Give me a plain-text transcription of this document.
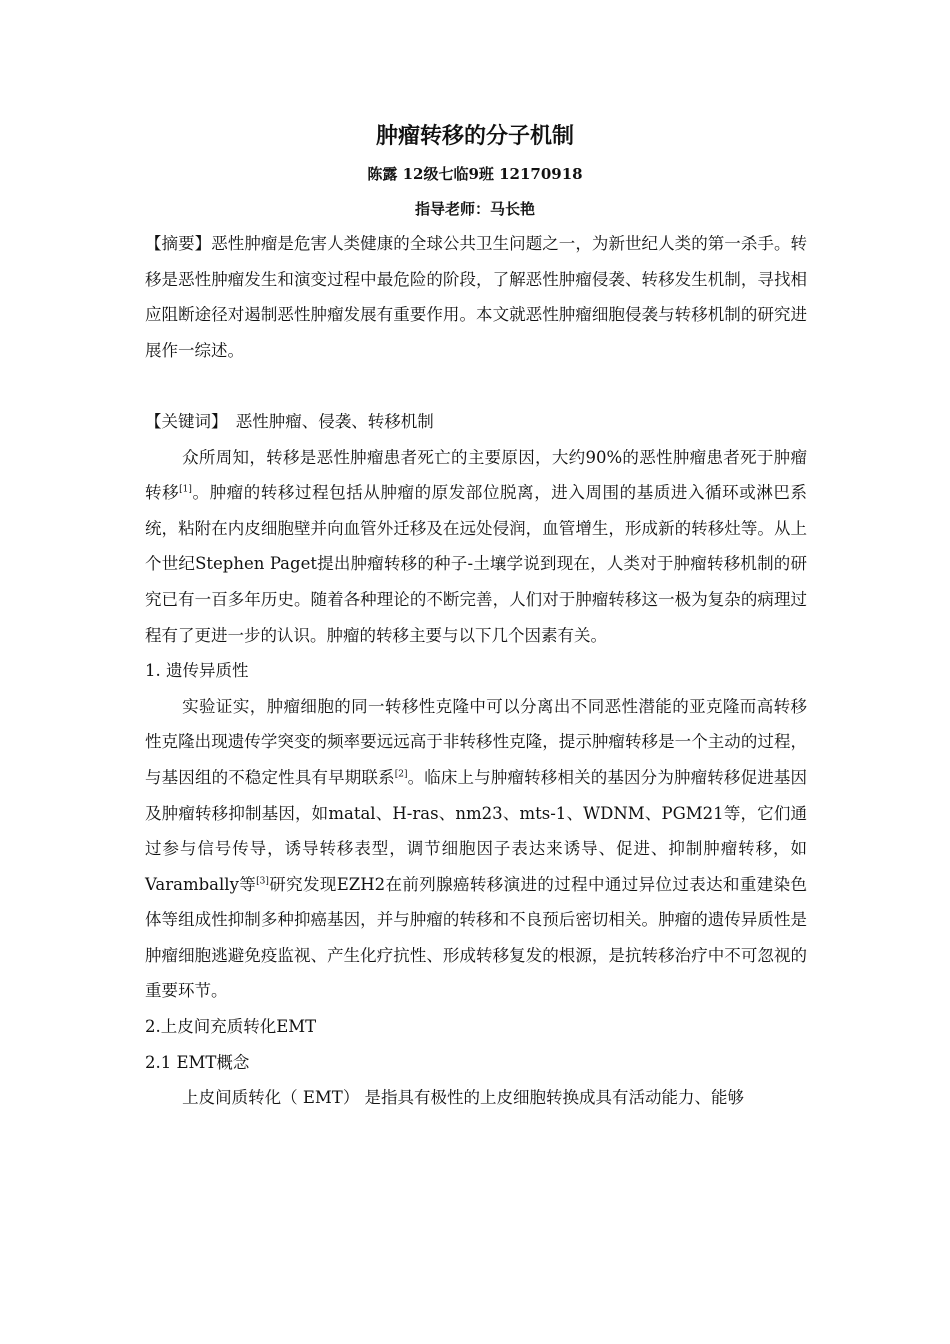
肿瘤转移的分子机制
陈露 12级七临9班 12170918
指导老师：马长艳

【摘要】恶性肿瘤是危害人类健康的全球公共卫生问题之一，为新世纪人类的第一杀手。转移是恶性肿瘤发生和演变过程中最危险的阶段，了解恶性肿瘤侵袭、转移发生机制，寻找相应阻断途径对遏制恶性肿瘤发展有重要作用。本文就恶性肿瘤细胞侵袭与转移机制的研究进展作一综述。

【关键词】 恶性肿瘤、侵袭、转移机制

众所周知，转移是恶性肿瘤患者死亡的主要原因，大约90%的恶性肿瘤患者死于肿瘤转移[1]。肿瘤的转移过程包括从肿瘤的原发部位脱离，进入周围的基质进入循环或淋巴系统，粘附在内皮细胞壁并向血管外迁移及在远处侵润，血管增生，形成新的转移灶等。从上个世纪Stephen Paget提出肿瘤转移的种子-土壤学说到现在，人类对于肿瘤转移机制的研究已有一百多年历史。随着各种理论的不断完善，人们对于肿瘤转移这一极为复杂的病理过程有了更进一步的认识。肿瘤的转移主要与以下几个因素有关。

1. 遗传异质性

实验证实，肿瘤细胞的同一转移性克隆中可以分离出不同恶性潜能的亚克隆而高转移性克隆出现遗传学突变的频率要远远高于非转移性克隆，提示肿瘤转移是一个主动的过程，与基因组的不稳定性具有早期联系[2]。临床上与肿瘤转移相关的基因分为肿瘤转移促进基因及肿瘤转移抑制基因，如matal、H-ras、nm23、mts-1、WDNM、PGM21等，它们通过参与信号传导，诱导转移表型，调节细胞因子表达来诱导、促进、抑制肿瘤转移，如Varambally等[3]研究发现EZH2在前列腺癌转移演进的过程中通过异位过表达和重建染色体等组成性抑制多种抑癌基因，并与肿瘤的转移和不良预后密切相关。肿瘤的遗传异质性是肿瘤细胞逃避免疫监视、产生化疗抗性、形成转移复发的根源，是抗转移治疗中不可忽视的重要环节。

2.上皮间充质转化EMT

2.1 EMT概念

上皮间质转化（ EMT） 是指具有极性的上皮细胞转换成具有活动能力、能够
